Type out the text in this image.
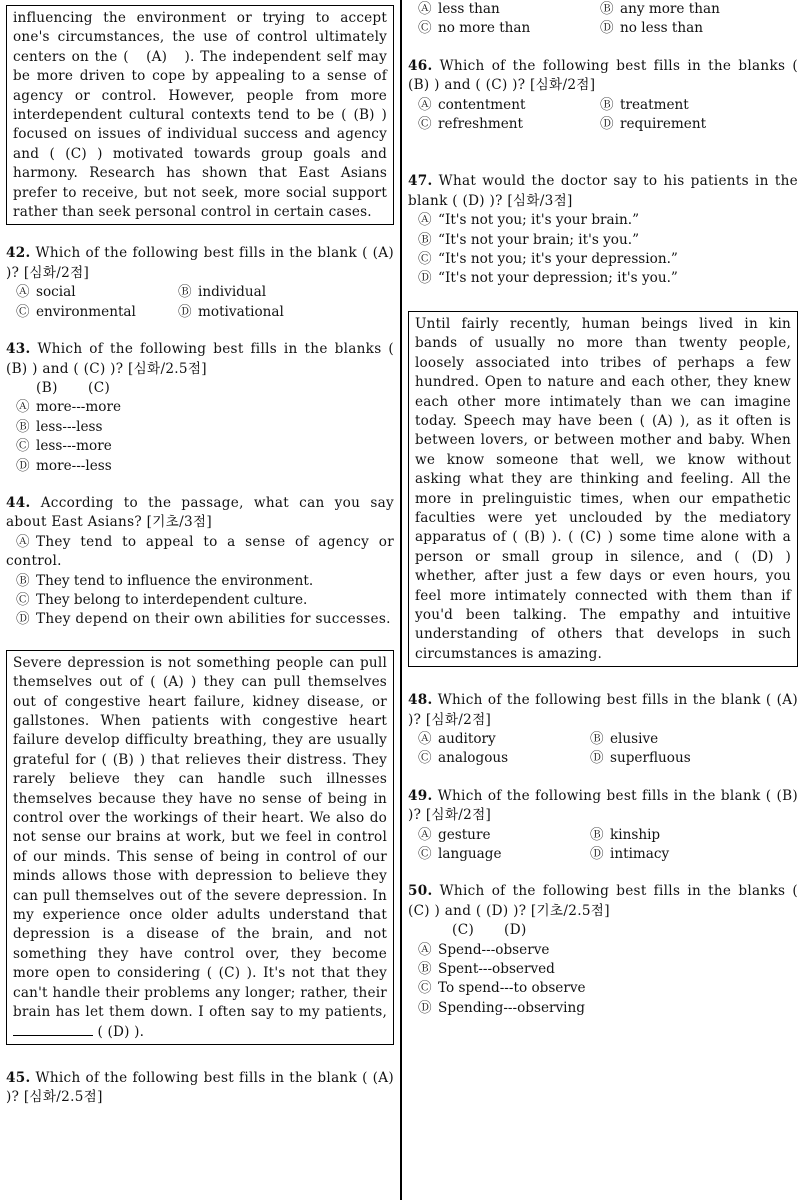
influencing the environment or trying to accept one's circumstances, the use of control ultimately centers on the (   (A)   ). The independent self may be more driven to cope by appealing to a sense of agency or control. However, people from more interdependent cultural contexts tend to be ( (B) ) focused on issues of individual success and agency and ( (C) ) motivated towards group goals and harmony. Research has shown that East Asians prefer to receive, but not seek, more social support rather than seek personal control in certain cases.
42. Which of the following best fills in the blank ( (A) )? [심화/2점]
Ⓐ social	Ⓑ individual
Ⓒ environmental	Ⓓ motivational
43. Which of the following best fills in the blanks ( (B) ) and ( (C) )? [심화/2.5점]
(B) (C)
Ⓐ more---more
Ⓑ less---less
Ⓒ less---more
Ⓓ more---less
44. According to the passage, what can you say about East Asians? [기초/3점]
Ⓐ They tend to appeal to a sense of agency or control.
Ⓑ They tend to influence the environment.
Ⓒ They belong to interdependent culture.
Ⓓ They depend on their own abilities for successes.
Severe depression is not something people can pull themselves out of ( (A) ) they can pull themselves out of congestive heart failure, kidney disease, or gallstones. When patients with congestive heart failure develop difficulty breathing, they are usually grateful for ( (B) ) that relieves their distress. They rarely believe they can handle such illnesses themselves because they have no sense of being in control over the workings of their heart. We also do not sense our brains at work, but we feel in control of our minds. This sense of being in control of our minds allows those with depression to believe they can pull themselves out of the severe depression. In my experience once older adults understand that depression is a disease of the brain, and not something they have control over, they become more open to considering ( (C) ). It's not that they can't handle their problems any longer; rather, their brain has let them down. I often say to my patients,  ( (D) ).
45. Which of the following best fills in the blank ( (A) )? [심화/2.5점]
Ⓐ less than	Ⓑ any more than
Ⓒ no more than	Ⓓ no less than
46. Which of the following best fills in the blanks ( (B) ) and ( (C) )? [심화/2점]
Ⓐ contentment	Ⓑ treatment
Ⓒ refreshment	Ⓓ requirement
47. What would the doctor say to his patients in the blank ( (D) )? [심화/3점]
Ⓐ “It's not you; it's your brain.”
Ⓑ “It's not your brain; it's you.”
Ⓒ “It's not you; it's your depression.”
Ⓓ “It's not your depression; it's you.”
Until fairly recently, human beings lived in kin bands of usually no more than twenty people, loosely associated into tribes of perhaps a few hundred. Open to nature and each other, they knew each other more intimately than we can imagine today. Speech may have been ( (A) ), as it often is between lovers, or between mother and baby. When we know someone that well, we know without asking what they are thinking and feeling. All the more in prelinguistic times, when our empathetic faculties were yet unclouded by the mediatory apparatus of ( (B) ). ( (C) ) some time alone with a person or small group in silence, and ( (D) ) whether, after just a few days or even hours, you feel more intimately connected with them than if you'd been talking. The empathy and intuitive understanding of others that develops in such circumstances is amazing.
48. Which of the following best fills in the blank ( (A) )? [심화/2점]
Ⓐ auditory	Ⓑ elusive
Ⓒ analogous	Ⓓ superfluous
49. Which of the following best fills in the blank ( (B) )? [심화/2점]
Ⓐ gesture	Ⓑ kinship
Ⓒ language	Ⓓ intimacy
50. Which of the following best fills in the blanks ( (C) ) and ( (D) )? [기초/2.5점]
(C) (D)
Ⓐ Spend---observe
Ⓑ Spent---observed
Ⓒ To spend---to observe
Ⓓ Spending---observing
